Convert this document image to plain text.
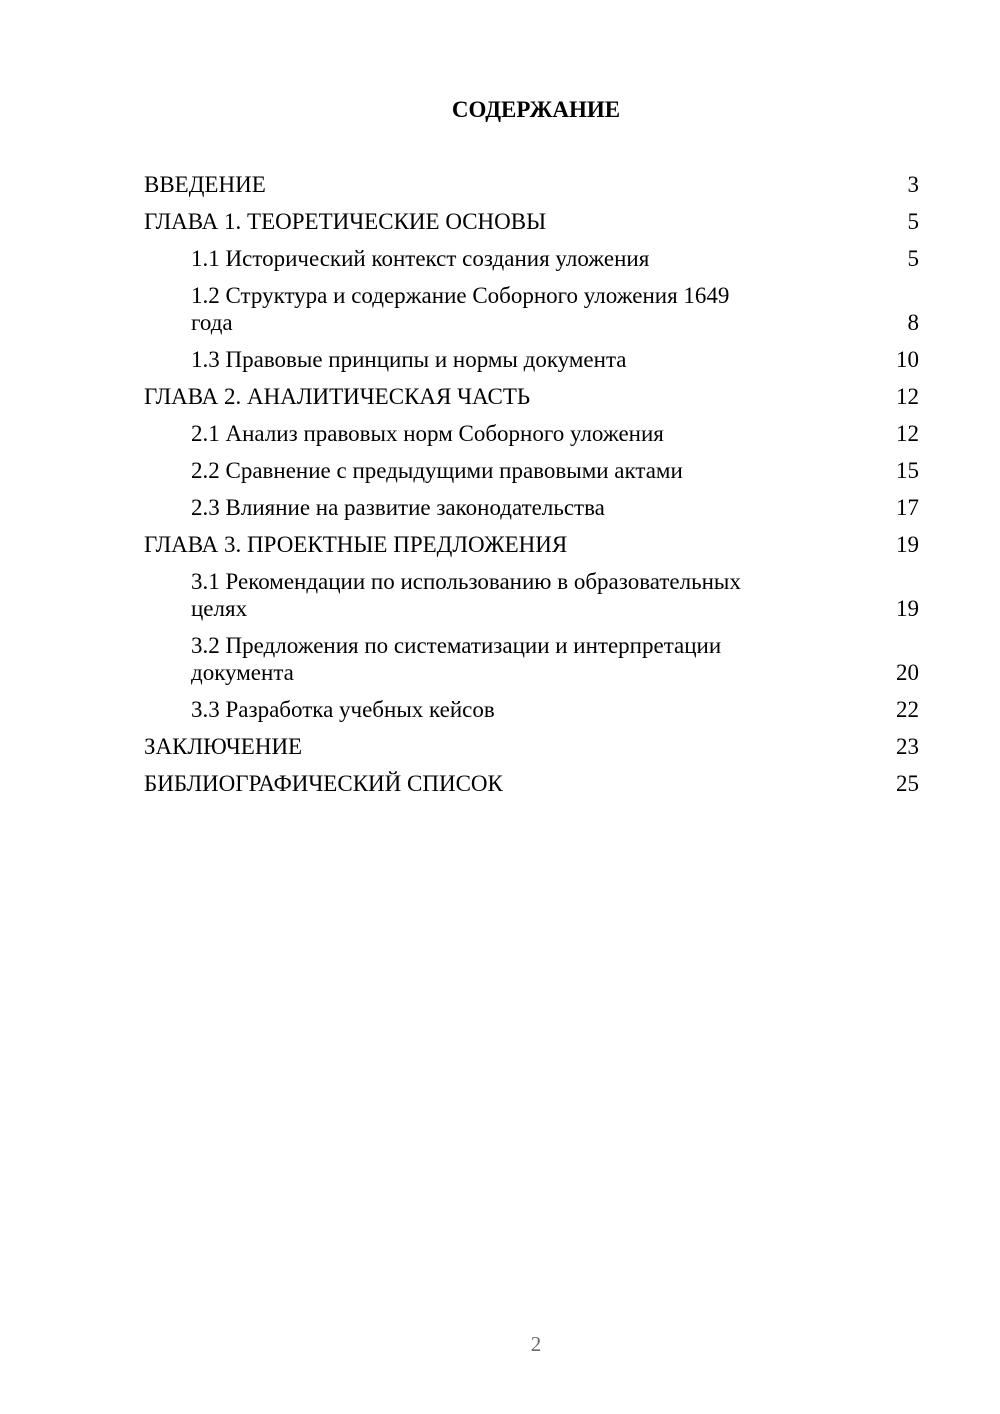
СОДЕРЖАНИЕ
ВВЕДЕНИЕ	3
ГЛАВА 1. ТЕОРЕТИЧЕСКИЕ ОСНОВЫ	5
1.1 Исторический контекст создания уложения	5
1.2 Структура и содержание Соборного уложения 1649 года	8
1.3 Правовые принципы и нормы документа	10
ГЛАВА 2. АНАЛИТИЧЕСКАЯ ЧАСТЬ	12
2.1 Анализ правовых норм Соборного уложения	12
2.2 Сравнение с предыдущими правовыми актами	15
2.3 Влияние на развитие законодательства	17
ГЛАВА 3. ПРОЕКТНЫЕ ПРЕДЛОЖЕНИЯ	19
3.1 Рекомендации по использованию в образовательных целях	19
3.2 Предложения по систематизации и интерпретации документа	20
3.3 Разработка учебных кейсов	22
ЗАКЛЮЧЕНИЕ	23
БИБЛИОГРАФИЧЕСКИЙ СПИСОК	25
2
